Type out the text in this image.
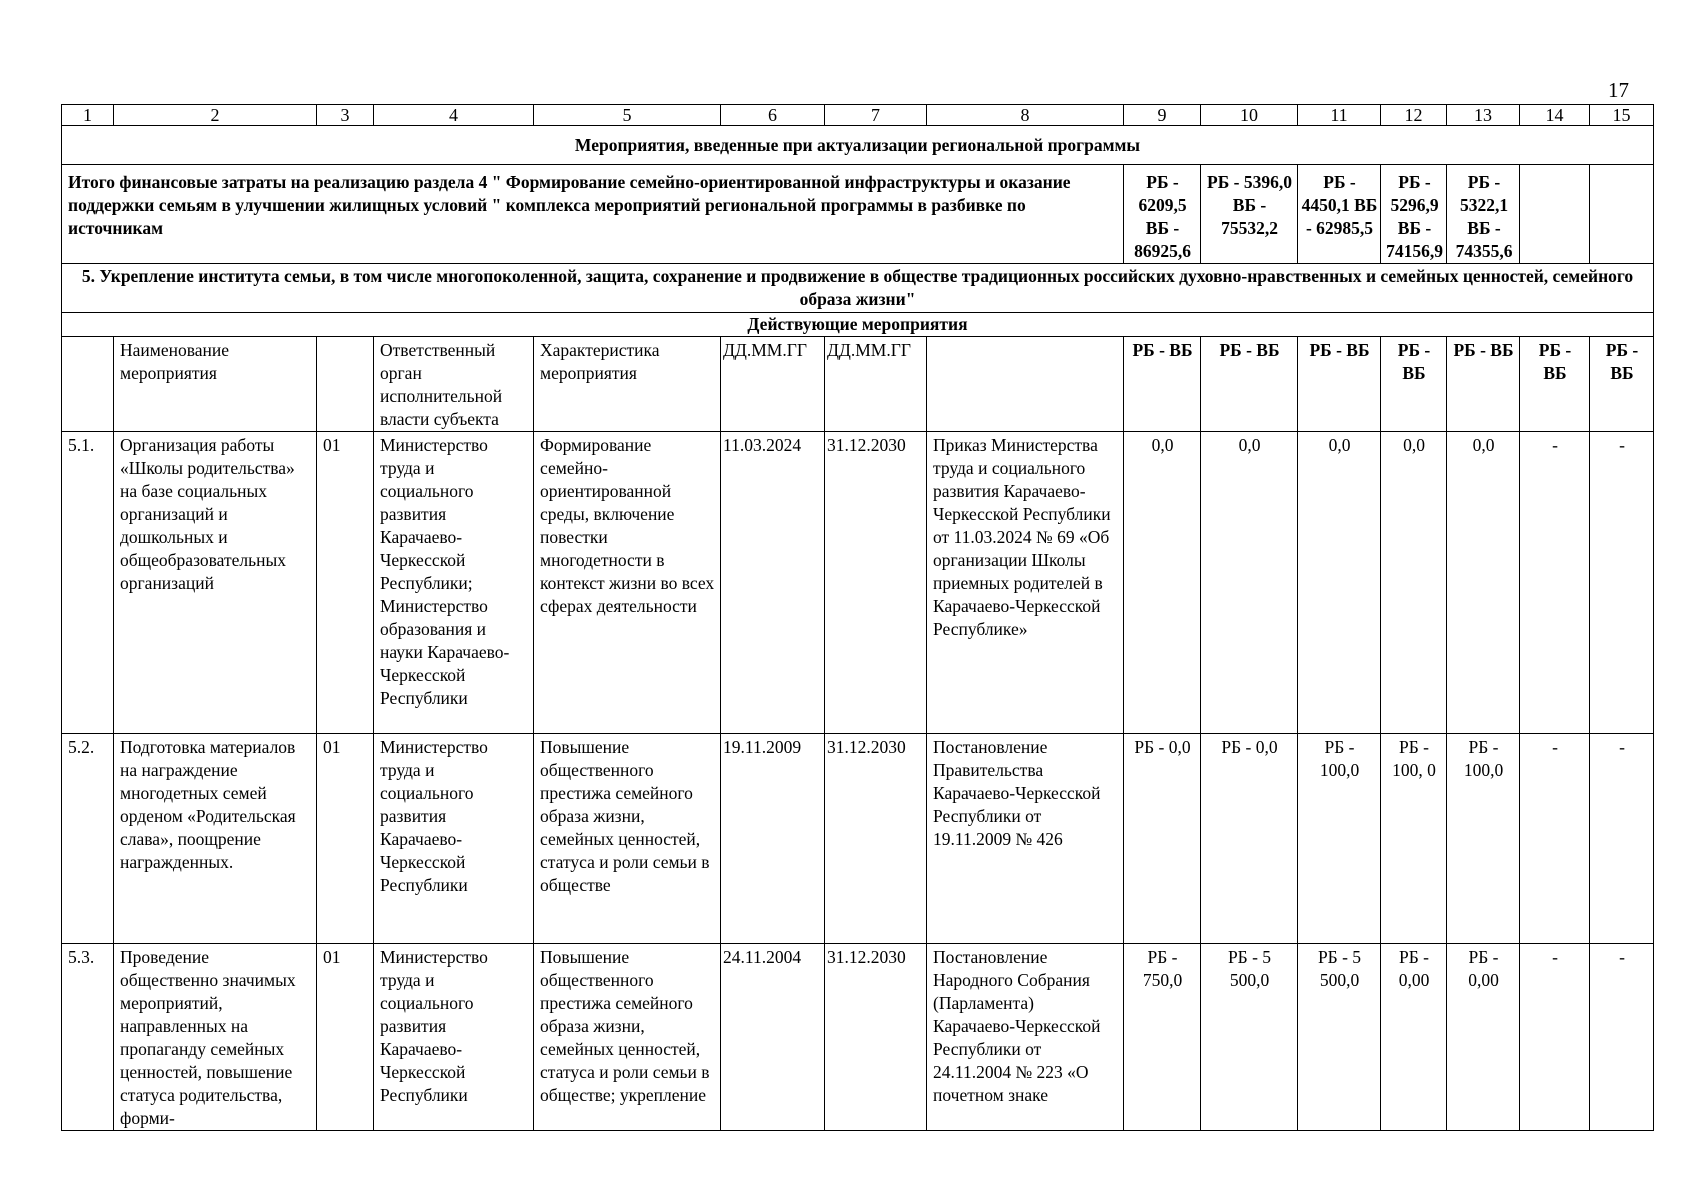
17
1	2	3	4	5	6	7	8	9	10	11	12	13	14	15
Мероприятия, введенные при актуализации региональной программы														
Итого финансовые затраты на реализацию раздела 4 " Формирование семейно-ориентированной инфраструктуры и оказание поддержки семьям в улучшении жилищных условий " комплекса мероприятий региональной программы в разбивке по источникам								РБ - 6209,5 ВБ - 86925,6	РБ - 5396,0 ВБ - 75532,2	РБ - 4450,1 ВБ - 62985,5	РБ - 5296,9 ВБ - 74156,9	РБ - 5322,1 ВБ - 74355,6		
5. Укрепление института семьи, в том числе многопоколенной, защита, сохранение и продвижение в обществе традиционных российских духовно-нравственных и семейных ценностей, семейного образа жизни"														
Действующие мероприятия														
	Наименование мероприятия		Ответственный орган исполнительной власти субъекта	Характеристика мероприятия	ДД.ММ.ГГ	ДД.ММ.ГГ		РБ - ВБ	РБ - ВБ	РБ - ВБ	РБ - ВБ	РБ - ВБ	РБ - ВБ	РБ - ВБ
5.1.	Организация работы «Школы родительства» на базе социальных организаций и дошкольных и общеобразовательных организаций	01	Министерство труда и социального развития Карачаево-Черкесской Республики; Министерство образования и науки Карачаево-Черкесской Республики	Формирование семейно-ориентированной среды, включение повестки многодетности в контекст жизни во всех сферах деятельности	11.03.2024	31.12.2030	Приказ Министерства труда и социального развития Карачаево-Черкесской Республики от 11.03.2024 № 69 «Об организации Школы приемных родителей в Карачаево-Черкесской Республике»	0,0	0,0	0,0	0,0	0,0	-	-
5.2.	Подготовка материалов на награждение многодетных семей орденом «Родительская слава», поощрение награжденных.	01	Министерство труда и социального развития Карачаево-Черкесской Республики	Повышение общественного престижа семейного образа жизни, семейных ценностей, статуса и роли семьи в обществе	19.11.2009	31.12.2030	Постановление Правительства Карачаево-Черкесской Республики от 19.11.2009 № 426	РБ - 0,0	РБ - 0,0	РБ - 100,0	РБ - 100, 0	РБ - 100,0	-	-
5.3.	Проведение общественно значимых мероприятий, направленных на пропаганду семейных ценностей, повышение статуса родительства, форми-	01	Министерство труда и социального развития Карачаево-Черкесской Республики	Повышение общественного престижа семейного образа жизни, семейных ценностей, статуса и роли семьи в обществе; укрепление	24.11.2004	31.12.2030	Постановление Народного Собрания (Парламента) Карачаево-Черкесской Республики от 24.11.2004 № 223 «О почетном знаке	РБ - 750,0	РБ - 5 500,0	РБ - 5 500,0	РБ - 0,00	РБ - 0,00	-	-
